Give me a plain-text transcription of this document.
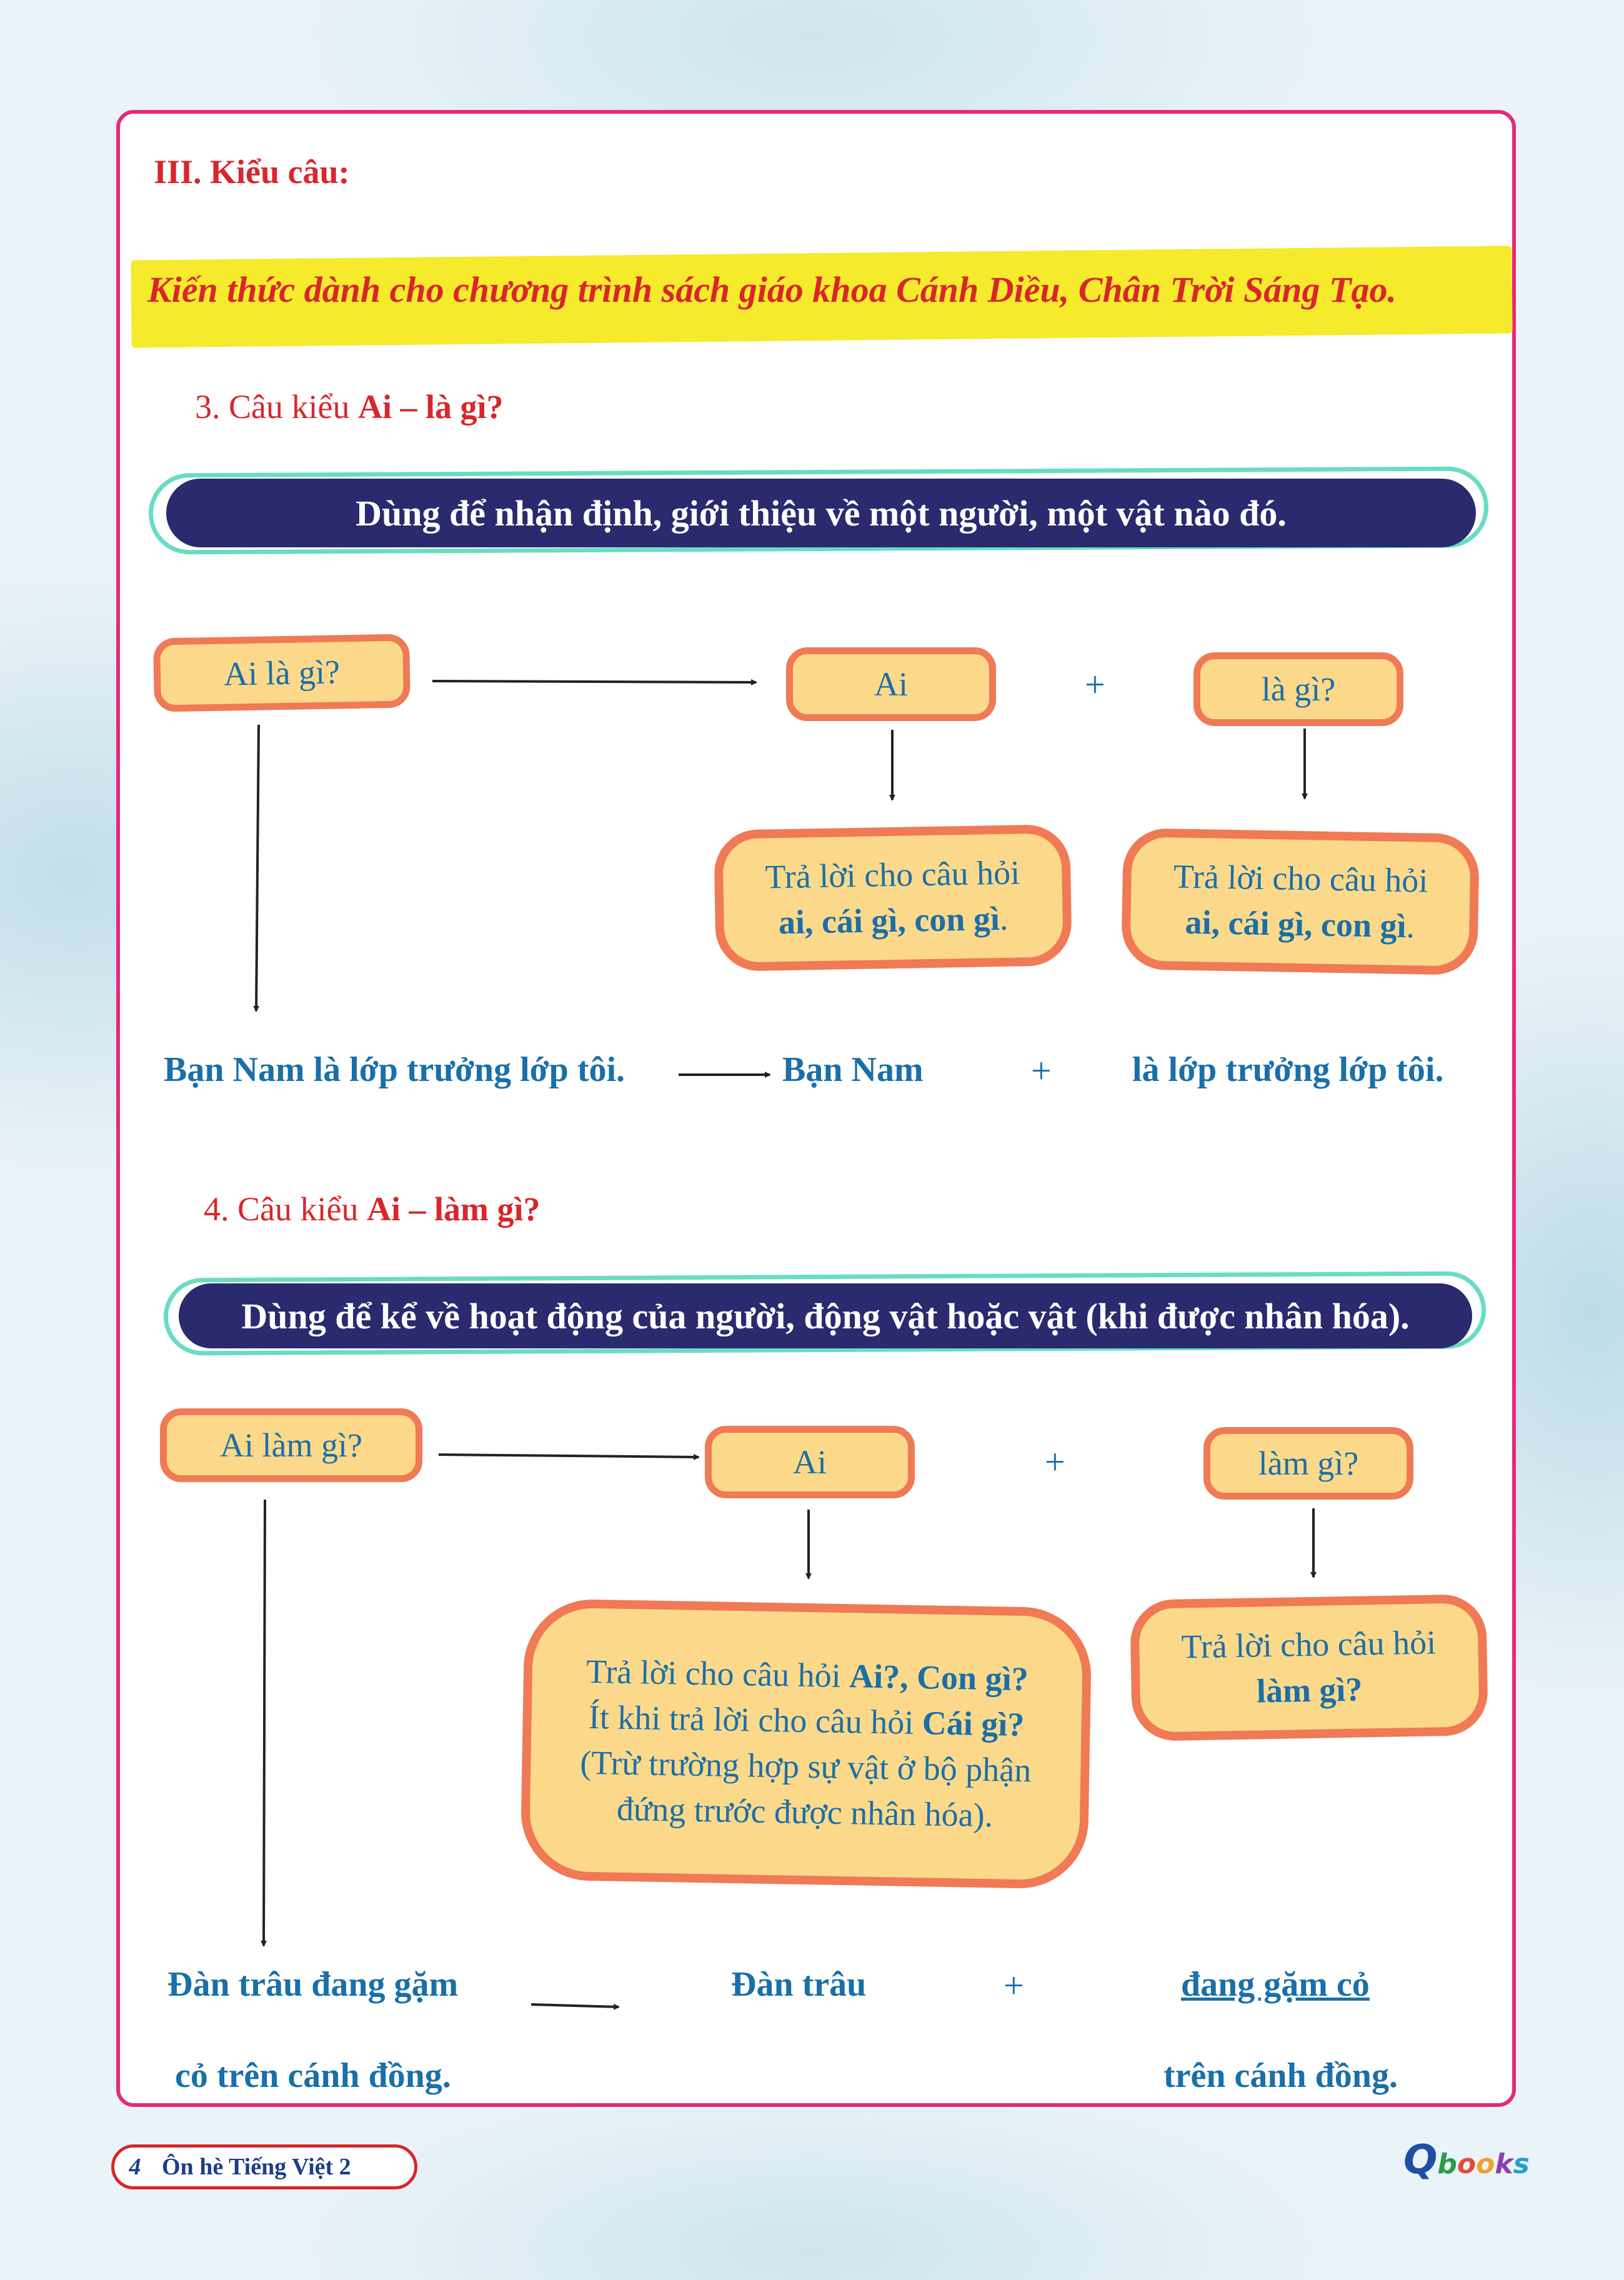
III. Kiểu câu:
Kiến thức dành cho chương trình sách giáo khoa Cánh Diều, Chân Trời Sáng Tạo.
3. Câu kiểu Ai – là gì?
Dùng để nhận định, giới thiệu về một người, một vật nào đó.
Ai là gì?	Ai	+	là gì?
Trả lời cho câu hỏi
ai, cái gì, con gì.
Trả lời cho câu hỏi
ai, cái gì, con gì.
Bạn Nam là lớp trưởng lớp tôi.	Bạn Nam	+ là lớp trưởng lớp tôi.
4. Câu kiểu Ai – làm gì?
Dùng để kể về hoạt động của người, động vật hoặc vật (khi được nhân hóa).
Ai làm gì?	Ai	+	làm gì?
Trả lời cho câu hỏi Ai?, Con gì? Ít khi trả lời cho câu hỏi Cái gì? (Trừ trường hợp sự vật ở bộ phận đứng trước được nhân hóa).
Trả lời cho câu hỏi
làm gì?
Đàn trâu đang gặm
cỏ trên cánh đồng.
Đàn trâu	+	đang gặm cỏ
trên cánh đồng.
4 Ôn hè Tiếng Việt 2	Qbooks
